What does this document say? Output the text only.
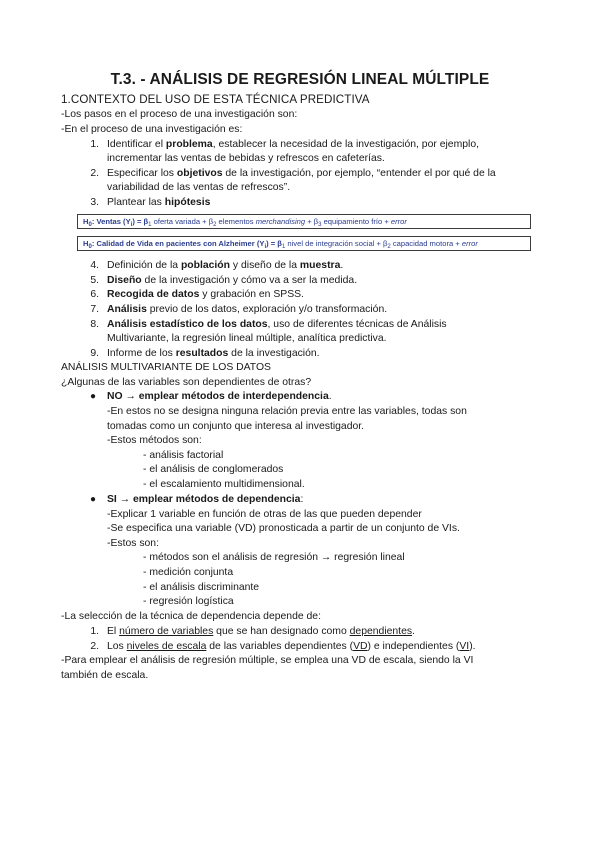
T.3. - ANÁLISIS DE REGRESIÓN LINEAL MÚLTIPLE
1.CONTEXTO DEL USO DE ESTA TÉCNICA PREDICTIVA
-Los pasos en el proceso de una investigación son:
-En el proceso de una investigación es:
1. Identificar el problema, establecer la necesidad de la investigación, por ejemplo,
incrementar las ventas de bebidas y refrescos en cafeterías.
2. Especificar los objetivos de la investigación, por ejemplo, “entender el por qué de la
variabilidad de las ventas de refrescos”.
3. Plantear las hipótesis
$H_0$: Ventas $(Y_i) = \beta_1$ oferta variada + $\beta_2$ elementos merchandising + $\beta_3$ equipamiento frío + error
$H_0$: Calidad de Vida en pacientes con Alzheimer $(Y_i) = \beta_1$ nivel de integración social + $\beta_2$ capacidad motora + error
4. Definición de la población y diseño de la muestra.
5. Diseño de la investigación y cómo va a ser la medida.
6. Recogida de datos y grabación en SPSS.
7. Análisis previo de los datos, exploración y/o transformación.
8. Análisis estadístico de los datos, uso de diferentes técnicas de Análisis
Multivariante, la regresión lineal múltiple, analítica predictiva.
9. Informe de los resultados de la investigación.
ANÁLISIS MULTIVARIANTE DE LOS DATOS
¿Algunas de las variables son dependientes de otras?
● NO → emplear métodos de interdependencia.
-En estos no se designa ninguna relación previa entre las variables, todas son
tomadas como un conjunto que interesa al investigador.
-Estos métodos son:
- análisis factorial
- el análisis de conglomerados
- el escalamiento multidimensional.
● SI → emplear métodos de dependencia:
-Explicar 1 variable en función de otras de las que pueden depender
-Se especifica una variable (VD) pronosticada a partir de un conjunto de VIs.
-Estos son:
- métodos son el análisis de regresión → regresión lineal
- medición conjunta
- el análisis discriminante
- regresión logística
-La selección de la técnica de dependencia depende de:
1. El número de variables que se han designado como dependientes.
2. Los niveles de escala de las variables dependientes (VD) e independientes (VI).
-Para emplear el análisis de regresión múltiple, se emplea una VD de escala, siendo la VI
también de escala.
